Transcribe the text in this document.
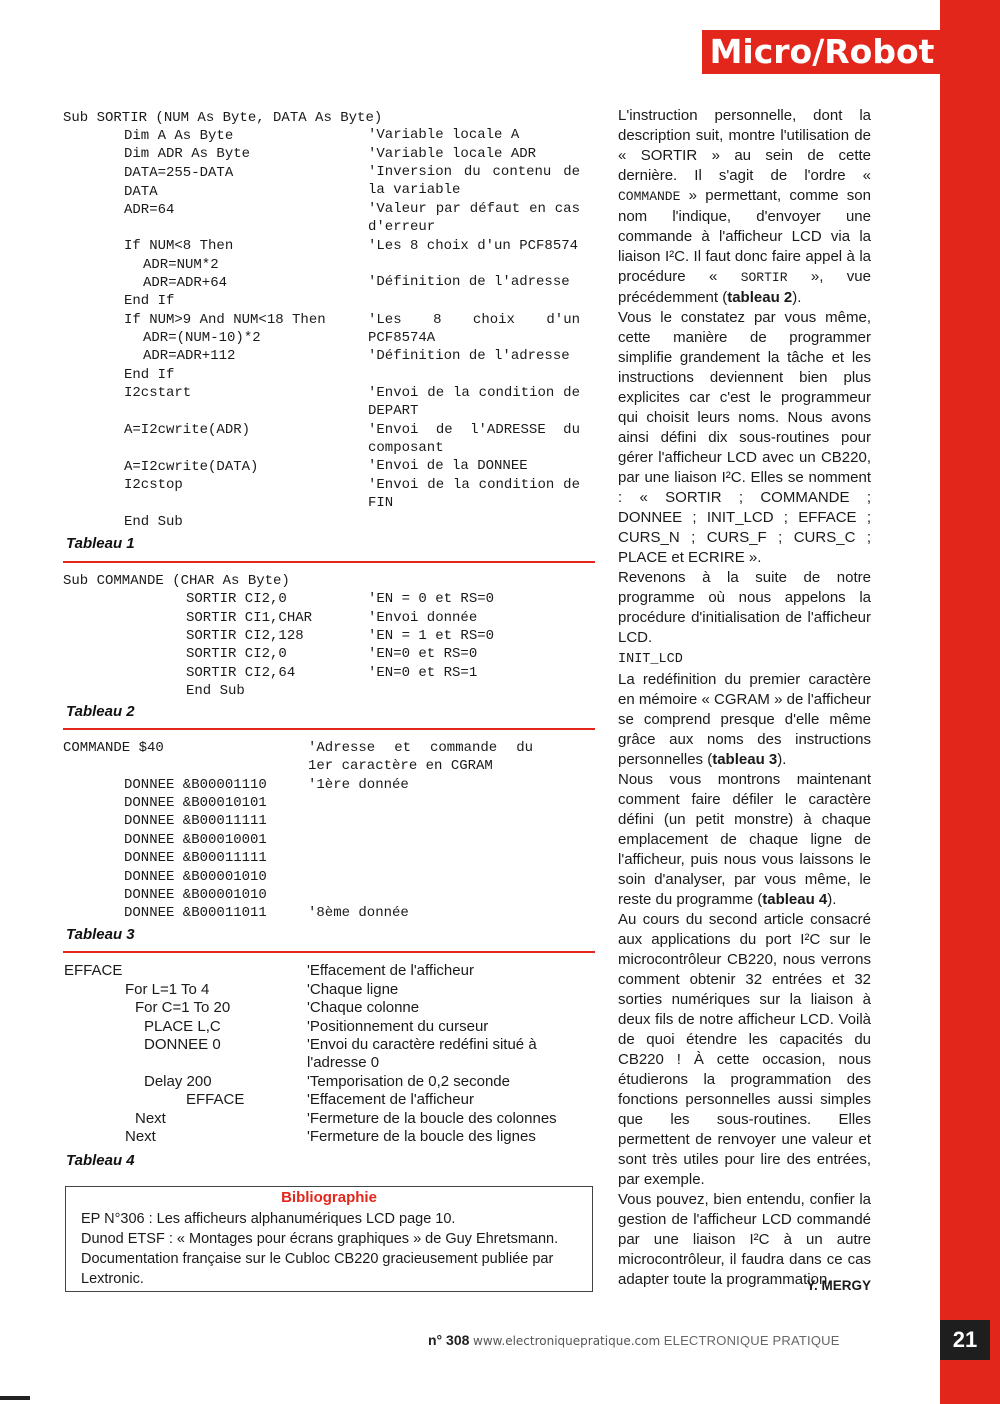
Micro/Robot
Sub SORTIR (NUM As Byte, DATA As Byte)
Dim A As Byte
Dim ADR As Byte
DATA=255-DATA
DATA
ADR=64
If NUM<8 Then
ADR=NUM*2
ADR=ADR+64
End If
If NUM>9 And NUM<18 Then
ADR=(NUM-10)*2
ADR=ADR+112
End If
I2cstart
A=I2cwrite(ADR)
A=I2cwrite(DATA)
I2cstop
End Sub
'Variable locale A
'Variable locale ADR
'Inversion du contenu de la variable
'Valeur par défaut en cas d'erreur
'Les 8 choix d'un PCF8574
'Définition de l'adresse
'Les 8 choix d'un PCF8574A
'Définition de l'adresse
'Envoi de la condition de DEPART
'Envoi de l'ADRESSE du composant
'Envoi de la DONNEE
'Envoi de la condition de FIN
Tableau 1
Sub COMMANDE (CHAR As Byte)
SORTIR CI2,0
SORTIR CI1,CHAR
SORTIR CI2,128
SORTIR CI2,0
SORTIR CI2,64
End Sub
'EN = 0 et RS=0
'Envoi donnée
'EN = 1 et RS=0
'EN=0 et RS=0
'EN=0 et RS=1
Tableau 2
COMMANDE $40
DONNEE &B00001110
DONNEE &B00010101
DONNEE &B00011111
DONNEE &B00010001
DONNEE &B00011111
DONNEE &B00001010
DONNEE &B00001010
DONNEE &B00011011
'Adresse et commande du 1er caractère en CGRAM
'1ère donnée
'8ème donnée
Tableau 3
EFFACE
For L=1 To 4
For C=1 To 20
PLACE L,C
DONNEE 0
Delay 200
EFFACE
Next
Next
'Effacement de l'afficheur
'Chaque ligne
'Chaque colonne
'Positionnement du curseur
'Envoi du caractère redéfini situé à l'adresse 0
'Temporisation de 0,2 seconde
'Effacement de l'afficheur
'Fermeture de la boucle des colonnes
'Fermeture de la boucle des lignes
Tableau 4
Bibliographie
EP N°306 : Les afficheurs alphanumériques LCD page 10.
Dunod ETSF : « Montages pour écrans graphiques » de Guy Ehretsmann.
Documentation française sur le Cubloc CB220 gracieusement publiée par Lextronic.

L'instruction personnelle, dont la description suit, montre l'utilisation de « SORTIR » au sein de cette dernière. Il s'agit de l'ordre « COMMANDE » permettant, comme son nom l'indique, d'envoyer une commande à l'afficheur LCD via la liaison I²C. Il faut donc faire appel à la procédure « SORTIR », vue précédemment (tableau 2).

Vous le constatez par vous même, cette manière de programmer simplifie grandement la tâche et les instructions deviennent bien plus explicites car c'est le programmeur qui choisit leurs noms. Nous avons ainsi défini dix sous-routines pour gérer l'afficheur LCD avec un CB220, par une liaison I²C. Elles se nomment : « SORTIR ; COMMANDE ; DONNEE ; INIT_LCD ; EFFACE ; CURS_N ; CURS_F ; CURS_C ; PLACE et ECRIRE ».

Revenons à la suite de notre programme où nous appelons la procédure d'initialisation de l'afficheur LCD.

INIT_LCD

La redéfinition du premier caractère en mémoire « CGRAM » de l'afficheur se comprend presque d'elle même grâce aux noms des instructions personnelles (tableau 3).

Nous vous montrons maintenant comment faire défiler le caractère défini (un petit monstre) à chaque emplacement de chaque ligne de l'afficheur, puis nous vous laissons le soin d'analyser, par vous même, le reste du programme (tableau 4).

Au cours du second article consacré aux applications du port I²C sur le microcontrôleur CB220, nous verrons comment obtenir 32 entrées et 32 sorties numériques sur la liaison à deux fils de notre afficheur LCD. Voilà de quoi étendre les capacités du CB220 ! À cette occasion, nous étudierons la programmation des fonctions personnelles aussi simples que les sous-routines. Elles permettent de renvoyer une valeur et sont très utiles pour lire des entrées, par exemple.

Vous pouvez, bien entendu, confier la gestion de l'afficheur LCD commandé par une liaison I²C à un autre microcontrôleur, il faudra dans ce cas adapter toute la programmation.

Y. MERGY
n° 308 www.electroniquepratique.com ELECTRONIQUE PRATIQUE	21
